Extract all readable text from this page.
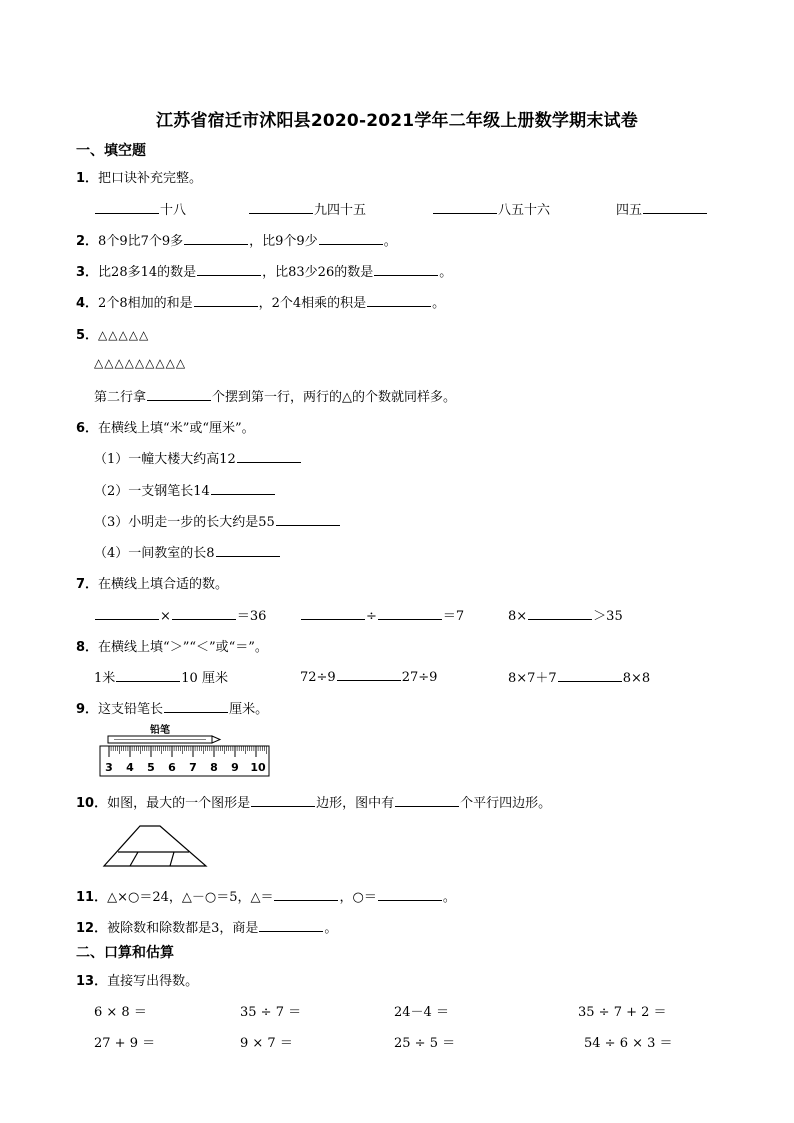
江苏省宿迁市沭阳县2020-2021学年二年级上册数学期末试卷
一、填空题
1．把口诀补充完整。
十八	九四十五	八五十六	四五
2．8个9比7个9多	，比9个9少	。
3．比28多14的数是	，比83少26的数是	。
4．2个8相加的和是	，2个4相乘的积是	。
5．△△△△△
△△△△△△△△△
第二行拿	个摆到第一行，两行的△的个数就同样多。
6．在横线上填“米”或“厘米”。
（1）一幢大楼大约高12
（2）一支钢笔长14
（3）小明走一步的长大约是55
（4）一间教室的长8
7．在横线上填合适的数。
×	＝36	÷	＝7	8×	＞35
8．在横线上填“＞”“＜”或“＝”。
1米	10 厘米	72÷9	27÷9	8×7＋7	8×8
9．这支铅笔长	厘米。
铅笔
3 4 5 6 7 8 9 10
10．如图，最大的一个图形是	边形，图中有	个平行四边形。
11．△×○＝24，△－○＝5，△＝	，○＝	。
12．被除数和除数都是3，商是	。
二、口算和估算
13．直接写出得数。
6 × 8 ＝	35 ÷ 7 ＝	24－4 ＝	35 ÷ 7 + 2 ＝
27 + 9 ＝	9 × 7 ＝	25 ÷ 5 ＝	54 ÷ 6 × 3 ＝
